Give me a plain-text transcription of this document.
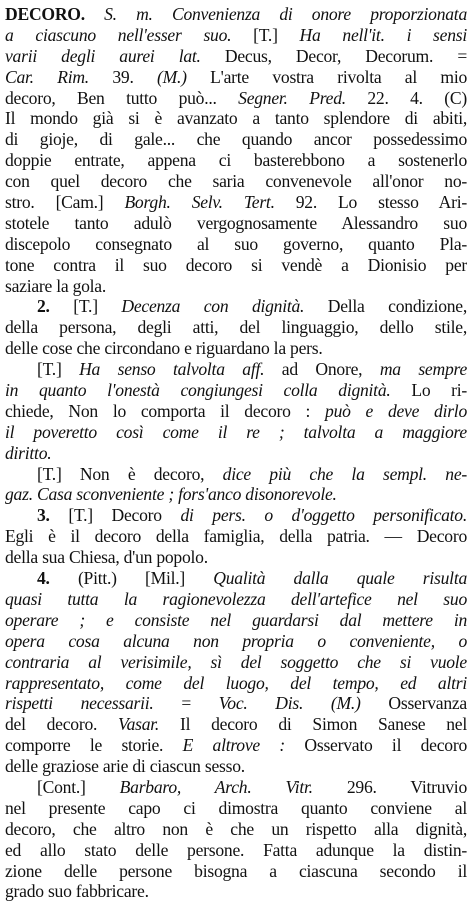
DECORO. S. m. Convenienza di onore proporzionata
a ciascuno nell'esser suo. [T.] Ha nell'it. i sensi
varii degli aurei lat. Decus, Decor, Decorum. =
Car. Rim. 39. (M.) L'arte vostra rivolta al mio
decoro, Ben tutto può... Segner. Pred. 22. 4. (C)
Il mondo già si è avanzato a tanto splendore di abiti,
di gioje, di gale... che quando ancor possedessimo
doppie entrate, appena ci basterebbono a sostenerlo
con quel decoro che saria convenevole all'onor no-
stro. [Cam.] Borgh. Selv. Tert. 92. Lo stesso Ari-
stotele tanto adulò vergognosamente Alessandro suo
discepolo consegnato al suo governo, quanto Pla-
tone contra il suo decoro si vendè a Dionisio per
saziare la gola.
2. [T.] Decenza con dignità. Della condizione,
della persona, degli atti, del linguaggio, dello stile,
delle cose che circondano e riguardano la pers.
[T.] Ha senso talvolta aff. ad Onore, ma sempre
in quanto l'onestà congiungesi colla dignità. Lo ri-
chiede, Non lo comporta il decoro : può e deve dirlo
il poveretto così come il re ; talvolta a maggiore
diritto.
[T.] Non è decoro, dice più che la sempl. ne-
gaz. Casa sconveniente ; fors'anco disonorevole.
3. [T.] Decoro di pers. o d'oggetto personificato.
Egli è il decoro della famiglia, della patria. — Decoro
della sua Chiesa, d'un popolo.
4. (Pitt.) [Mil.] Qualità dalla quale risulta
quasi tutta la ragionevolezza dell'artefice nel suo
operare ; e consiste nel guardarsi dal mettere in
opera cosa alcuna non propria o conveniente, o
contraria al verisimile, sì del soggetto che si vuole
rappresentato, come del luogo, del tempo, ed altri
rispetti necessarii. = Voc. Dis. (M.) Osservanza
del decoro. Vasar. Il decoro di Simon Sanese nel
comporre le storie. E altrove : Osservato il decoro
delle graziose arie di ciascun sesso.
[Cont.] Barbaro, Arch. Vitr. 296. Vitruvio
nel presente capo ci dimostra quanto conviene al
decoro, che altro non è che un rispetto alla dignità,
ed allo stato delle persone. Fatta adunque la distin-
zione delle persone bisogna a ciascuna secondo il
grado suo fabbricare.
